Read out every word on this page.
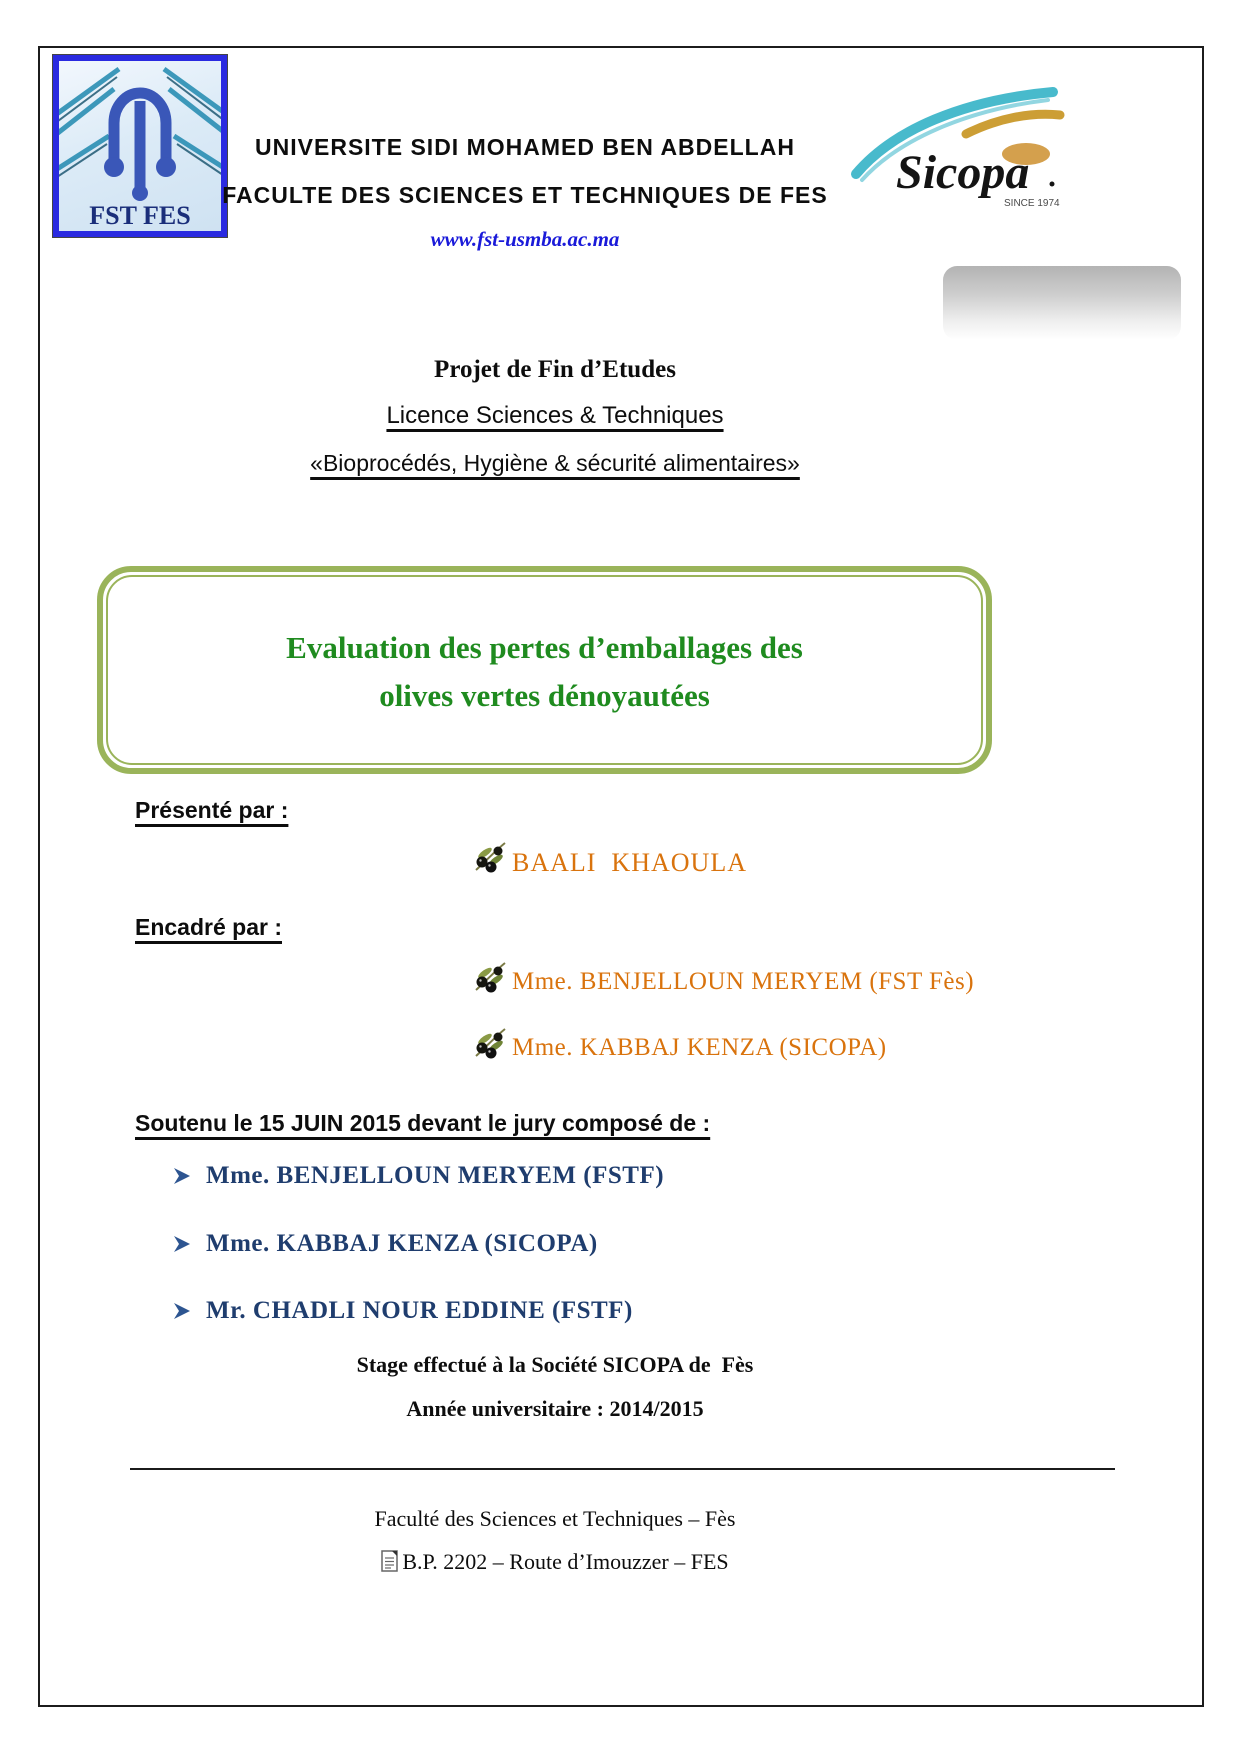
FST FES
UNIVERSITE SIDI MOHAMED BEN ABDELLAH
FACULTE DES SCIENCES ET TECHNIQUES DE FES
www.fst-usmba.ac.ma
Sicopa
SINCE 1974
Projet de Fin d’Etudes
Licence Sciences & Techniques
«Bioprocédés, Hygiène & sécurité alimentaires»
Evaluation des pertes d’emballages des
olives vertes dénoyautées
Présenté par :
BAALI  KHAOULA
Encadré par :
Mme. BENJELLOUN MERYEM (FST Fès)
Mme. KABBAJ KENZA (SICOPA)
Soutenu le 15 JUIN 2015 devant le jury composé de :
Mme. BENJELLOUN MERYEM (FSTF)
Mme. KABBAJ KENZA (SICOPA)
Mr. CHADLI NOUR EDDINE (FSTF)
Stage effectué à la Société SICOPA de  Fès
Année universitaire : 2014/2015
Faculté des Sciences et Techniques – Fès
B.P. 2202 – Route d’Imouzzer – FES
